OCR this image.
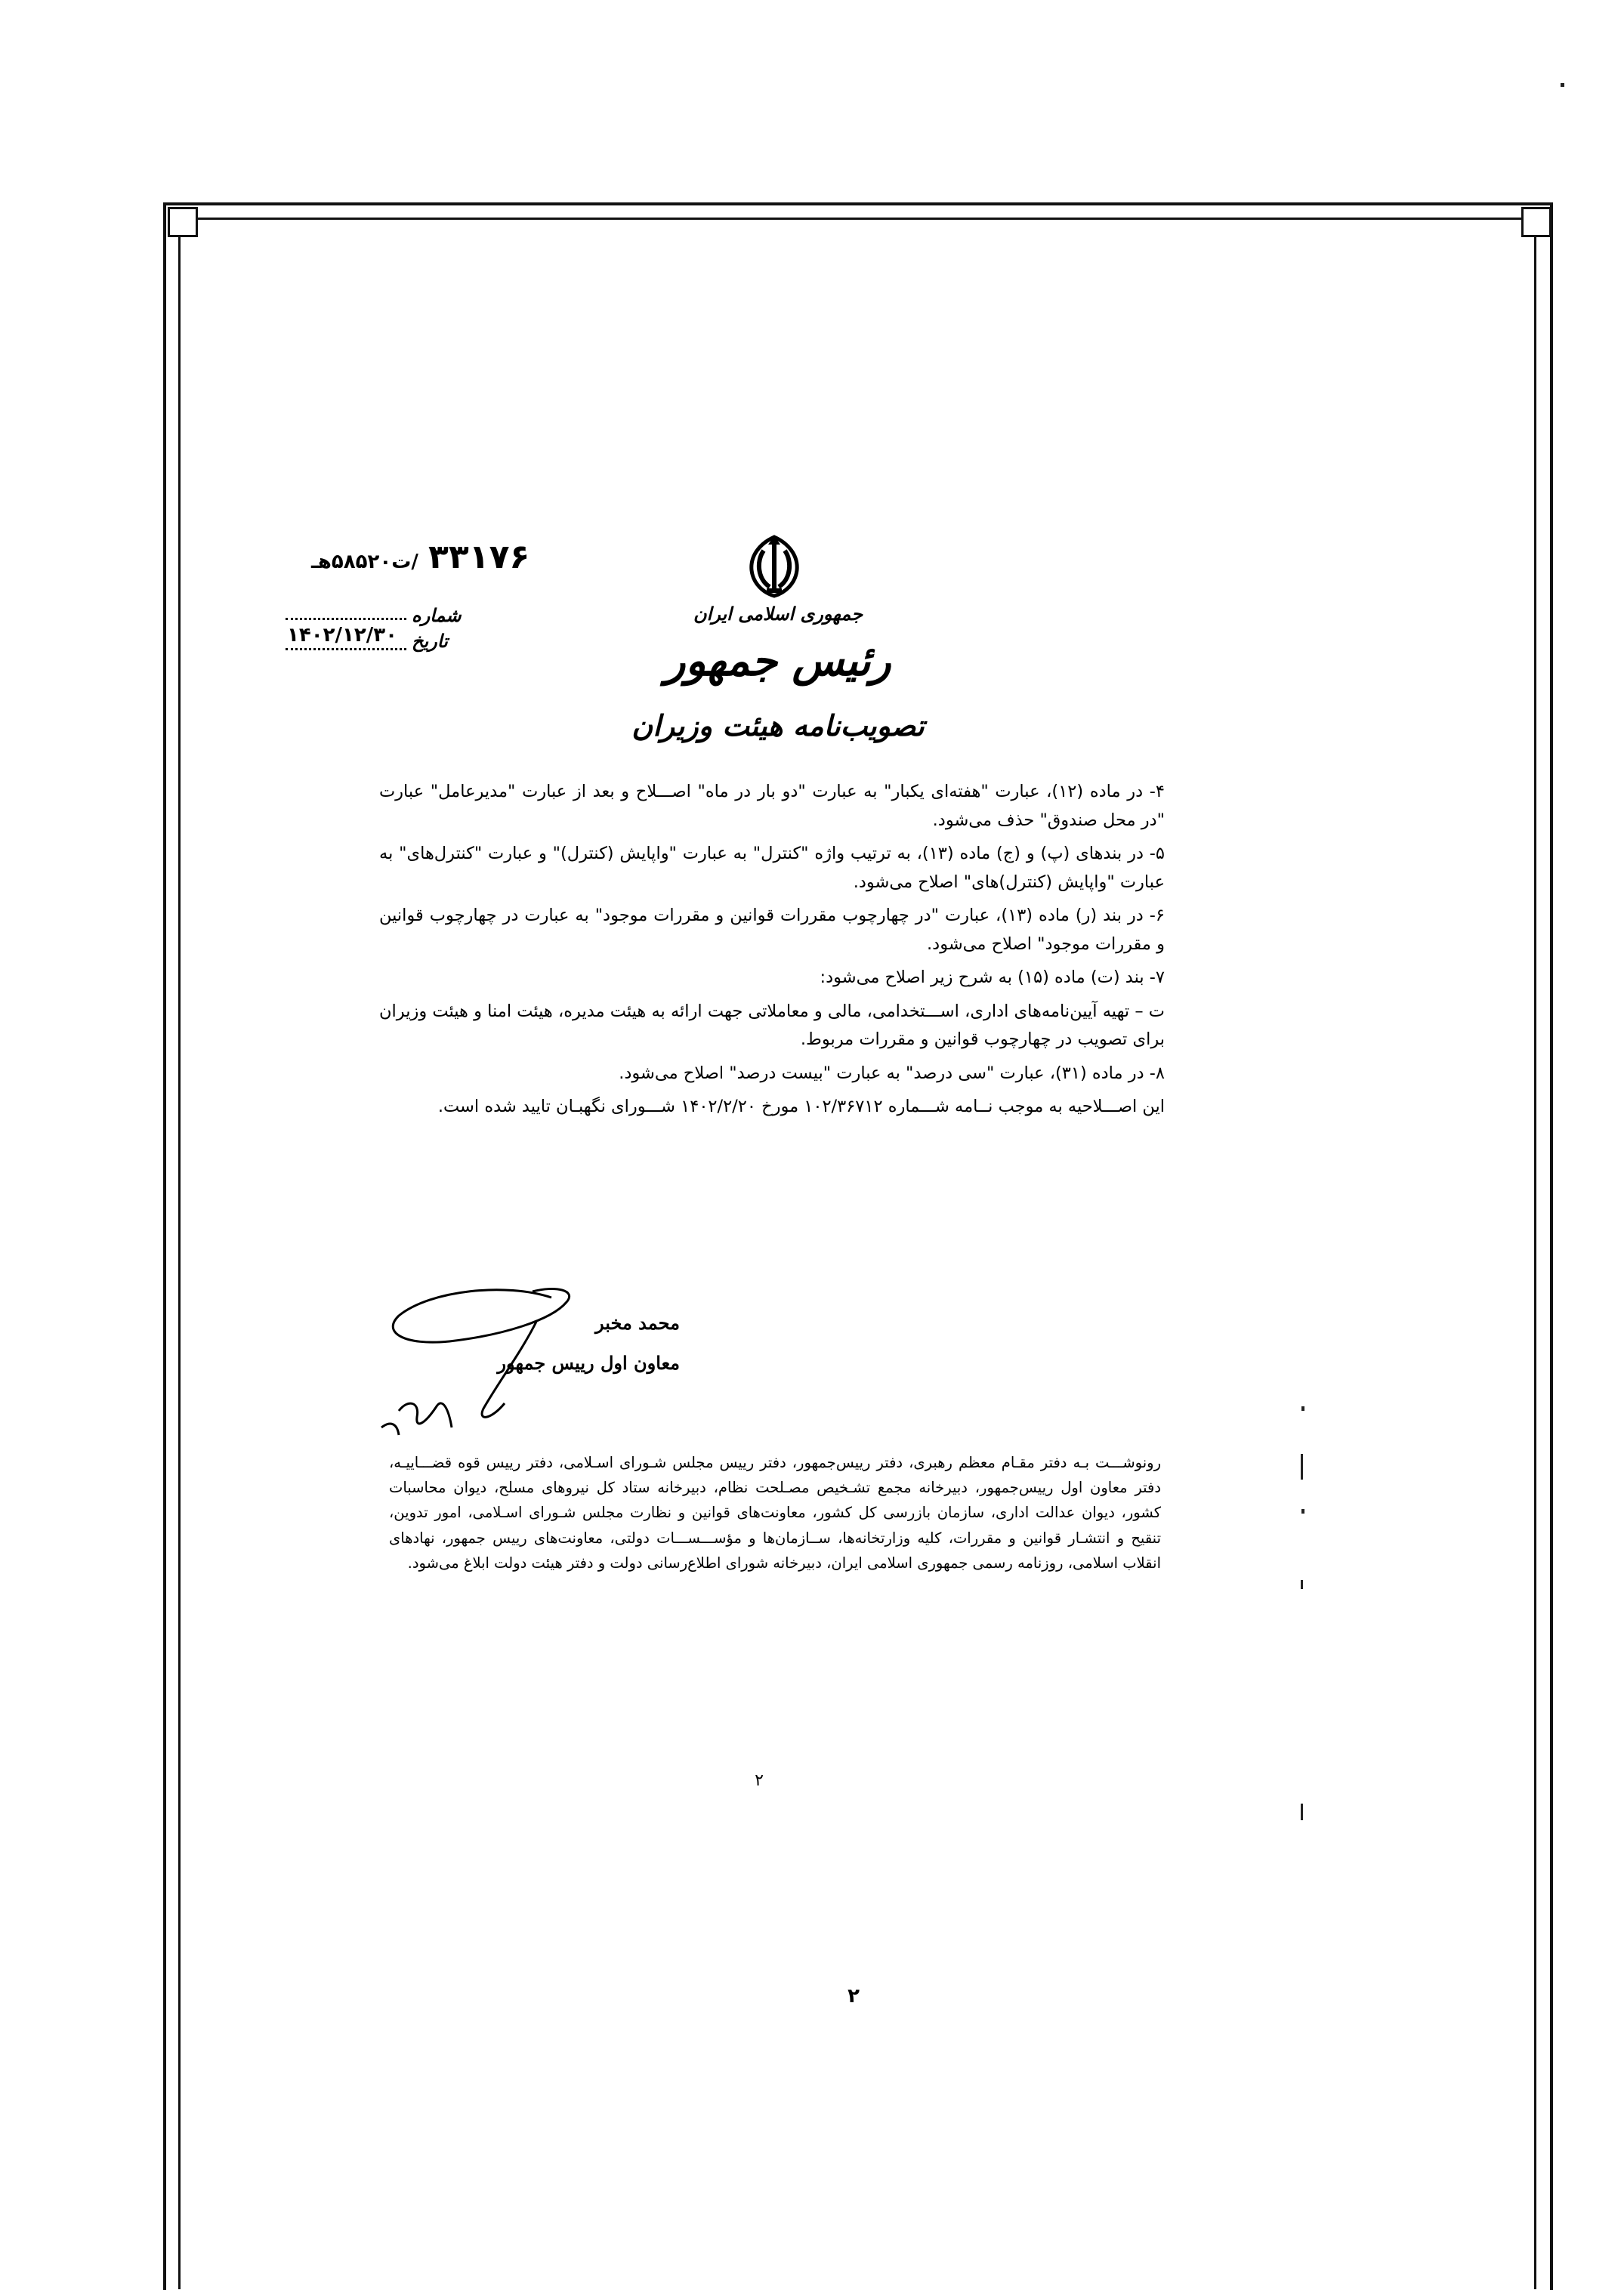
۳۳۱۷۶ /ت۵۸۵۲۰هـ
شماره
تاریخ
۱۴۰۲/۱۲/۳۰
جمهوری اسلامی ایران
رئیس جمهور
تصویب‌نامه هیئت وزیران

۴- در ماده (۱۲)، عبارت "هفته‌ای یکبار" به عبارت "دو بار در ماه" اصـــلاح و بعد از عبارت "مدیرعامل" عبارت "در محل صندوق" حذف می‌شود.

۵- در بندهای (پ) و (ج) ماده (۱۳)، به ترتیب واژه "کنترل" به عبارت "واپایش (کنترل)" و عبارت "کنترل‌های" به عبارت "واپایش (کنترل)‌های" اصلاح می‌شود.

۶- در بند (ر) ماده (۱۳)، عبارت "در چهارچوب مقررات قوانین و مقررات موجود" به عبارت در چهارچوب قوانین و مقررات موجود" اصلاح می‌شود.

۷- بند (ت) ماده (۱۵) به شرح زیر اصلاح می‌شود:

ت – تهیه آیین‌نامه‌های اداری، اســـتخدامی، مالی و معاملاتی جهت ارائه به هیئت مدیره، هیئت امنا و هیئت وزیران برای تصویب در چهارچوب قوانین و مقررات مربوط.

۸- در ماده (۳۱)، عبارت "سی درصد" به عبارت "بیست درصد" اصلاح می‌شود.

این اصـــلاحیه به موجب نــامه شـــماره ۱۰۲/۳۶۷۱۲ مورخ ۱۴۰۲/۲/۲۰ شـــورای نگهبـان تایید شده است.

محمد مخبر
معاون اول رییس جمهور
رونوشـــت بـه دفتر مقـام معظم رهبری، دفتر رییس‌جمهور، دفتر رییس مجلس شـوراى اسـلامى، دفتر رییس قوه قضـــاییـه، دفتر معاون اول رییس‌جمهور، دبیرخانه مجمع تشـخیص مصـلحت نظام، دبیرخانه ستاد کل نیروهای مسلح، دیوان محاسبات کشور، دیوان عدالت اداری، سازمان بازرسی کل کشور، معاونت‌های قوانین و نظارت مجلس شـورای اسـلامی، امور تدوین، تنقیح و انتشـار قوانین و مقررات، کلیه وزارتخانه‌ها، ســازمان‌ها و مؤســـســـات دولتی، معاونت‌های رییس جمهور، نهادهای انقلاب اسلامی، روزنامه رسمی جمهوری اسلامی ایران، دبیرخانه شورای اطلاع‌رسانی دولت و دفتر هیئت دولت ابلاغ می‌شود.
۲
۲
